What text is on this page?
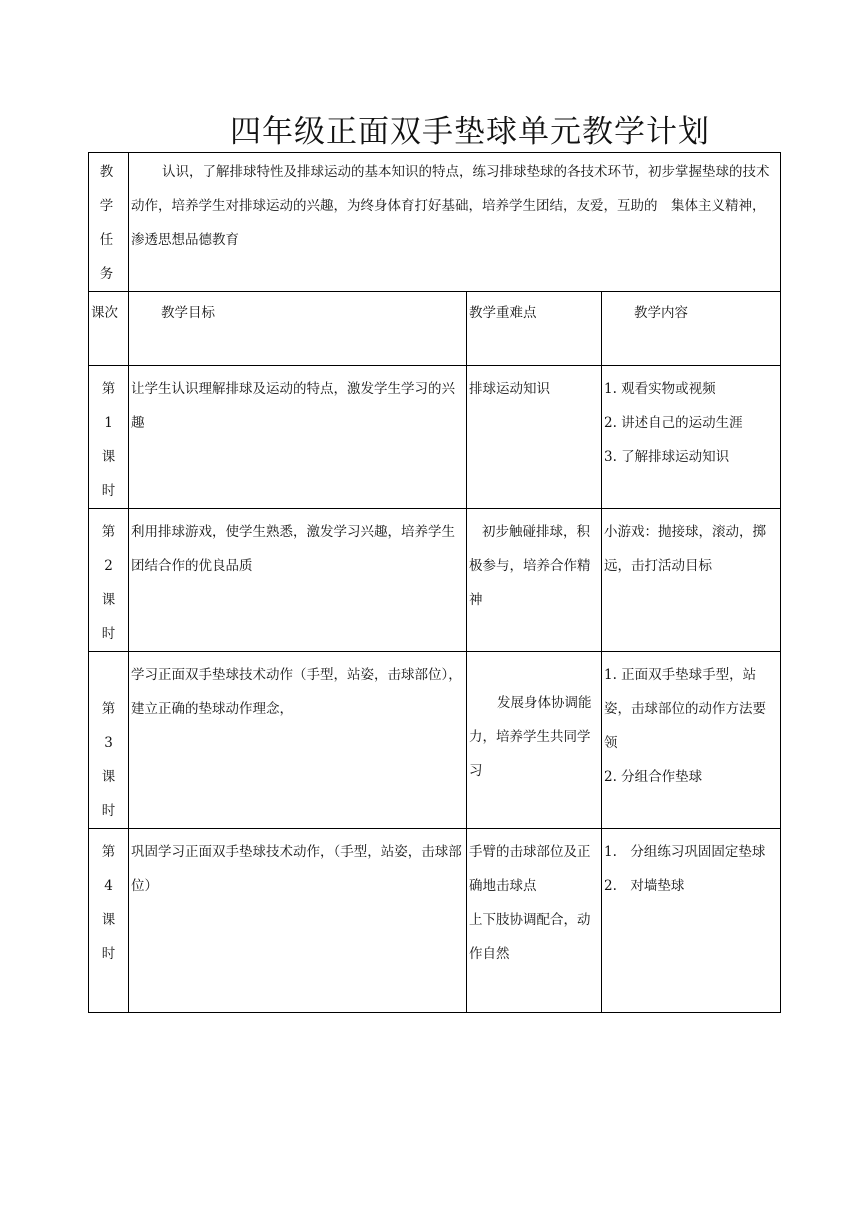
四年级正面双手垫球单元教学计划
教 学
任 务	认识，了解排球特性及排球运动的基本知识的特点，练习排球垫球的各技术环节，初步掌握垫球的技术动作，培养学生对排球运动的兴趣，为终身体育打好基础，培养学生团结，友爱，互助的　集体主义精神，渗透思想品德教育		
课次	教学目标	教学重难点	教学内容

第
1
课
时	让学生认识理解排球及运动的特点，激发学生学习的兴趣	排球运动知识	1. 观看实物或视频
2. 讲述自己的运动生涯
3. 了解排球运动知识

第
2
课
时	利用排球游戏，使学生熟悉，激发学习兴趣，培养学生团结合作的优良品质	初步触碰排球，积极参与，培养合作精神	小游戏：抛接球，滚动，掷远，击打活动目标

第
3
课
时	学习正面双手垫球技术动作（手型，站姿，击球部位），建立正确的垫球动作理念，	发展身体协调能力，培养学生共同学习	1. 正面双手垫球手型，站姿，击球部位的动作方法要领
2. 分组合作垫球

第
4
课
时	巩固学习正面双手垫球技术动作，（手型，站姿，击球部位）	手臂的击球部位及正确地击球点
上下肢协调配合，动作自然	1.　分组练习巩固固定垫球
2.　对墙垫球
